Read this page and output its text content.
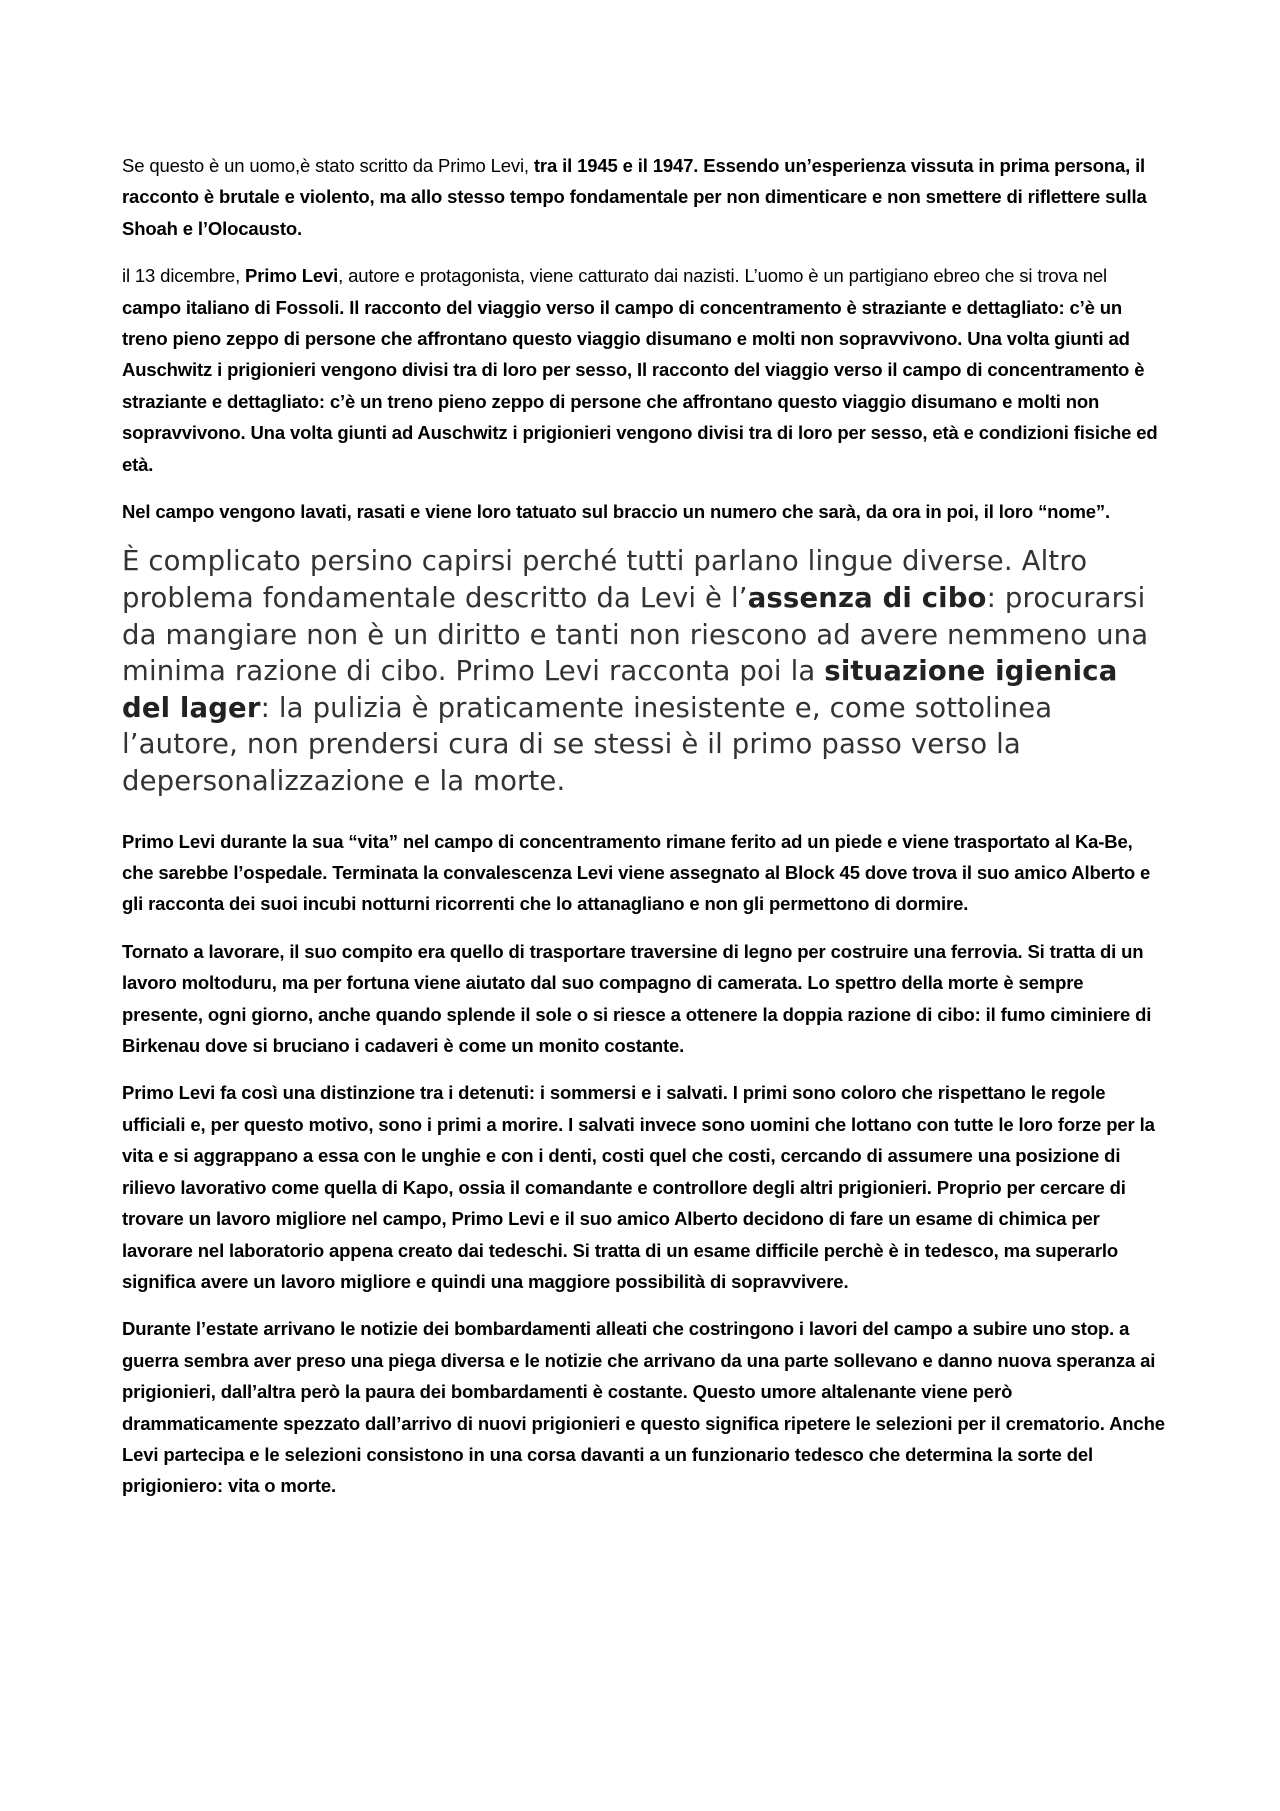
Se questo è un uomo,è stato scritto da Primo Levi, tra il 1945 e il 1947. Essendo un’esperienza vissuta in prima persona, il racconto è brutale e violento, ma allo stesso tempo fondamentale per non dimenticare e non smettere di riflettere sulla Shoah e l’Olocausto.

il 13 dicembre, Primo Levi, autore e protagonista, viene catturato dai nazisti. L’uomo è un partigiano ebreo che si trova nel campo italiano di Fossoli. Il racconto del viaggio verso il campo di concentramento è straziante e dettagliato: c’è un treno pieno zeppo di persone che affrontano questo viaggio disumano e molti non sopravvivono. Una volta giunti ad Auschwitz i prigionieri vengono divisi tra di loro per sesso, Il racconto del viaggio verso il campo di concentramento è straziante e dettagliato: c’è un treno pieno zeppo di persone che affrontano questo viaggio disumano e molti non sopravvivono. Una volta giunti ad Auschwitz i prigionieri vengono divisi tra di loro per sesso, età e condizioni fisiche ed età.

Nel campo vengono lavati, rasati e viene loro tatuato sul braccio un numero che sarà, da ora in poi, il loro “nome”.

È complicato persino capirsi perché tutti parlano lingue diverse. Altro problema fondamentale descritto da Levi è l’assenza di cibo: procurarsi da mangiare non è un diritto e tanti non riescono ad avere nemmeno una minima razione di cibo. Primo Levi racconta poi la situazione igienica del lager: la pulizia è praticamente inesistente e, come sottolinea l’autore, non prendersi cura di se stessi è il primo passo verso la depersonalizzazione e la morte.

Primo Levi durante la sua “vita” nel campo di concentramento rimane ferito ad un piede e viene trasportato al Ka-Be, che sarebbe l’ospedale. Terminata la convalescenza Levi viene assegnato al Block 45 dove trova il suo amico Alberto e gli racconta dei suoi incubi notturni ricorrenti che lo attanagliano e non gli permettono di dormire.

Tornato a lavorare, il suo compito era quello di trasportare traversine di legno per costruire una ferrovia. Si tratta di un lavoro moltoduru, ma per fortuna viene aiutato dal suo compagno di camerata. Lo spettro della morte è sempre presente, ogni giorno, anche quando splende il sole o si riesce a ottenere la doppia razione di cibo: il fumo ciminiere di Birkenau dove si bruciano i cadaveri è come un monito costante.

Primo Levi fa così una distinzione tra i detenuti: i sommersi e i salvati. I primi sono coloro che rispettano le regole ufficiali e, per questo motivo, sono i primi a morire. I salvati invece sono uomini che lottano con tutte le loro forze per la vita e si aggrappano a essa con le unghie e con i denti, costi quel che costi, cercando di assumere una posizione di rilievo lavorativo come quella di Kapo, ossia il comandante e controllore degli altri prigionieri. Proprio per cercare di trovare un lavoro migliore nel campo, Primo Levi e il suo amico Alberto decidono di fare un esame di chimica per lavorare nel laboratorio appena creato dai tedeschi. Si tratta di un esame difficile perchè è in tedesco, ma superarlo significa avere un lavoro migliore e quindi una maggiore possibilità di sopravvivere.

Durante l’estate arrivano le notizie dei bombardamenti alleati che costringono i lavori del campo a subire uno stop. a guerra sembra aver preso una piega diversa e le notizie che arrivano da una parte sollevano e danno nuova speranza ai prigionieri, dall’altra però la paura dei bombardamenti è costante. Questo umore altalenante viene però drammaticamente spezzato dall’arrivo di nuovi prigionieri e questo significa ripetere le selezioni per il crematorio. Anche Levi partecipa e le selezioni consistono in una corsa davanti a un funzionario tedesco che determina la sorte del prigioniero: vita o morte.
